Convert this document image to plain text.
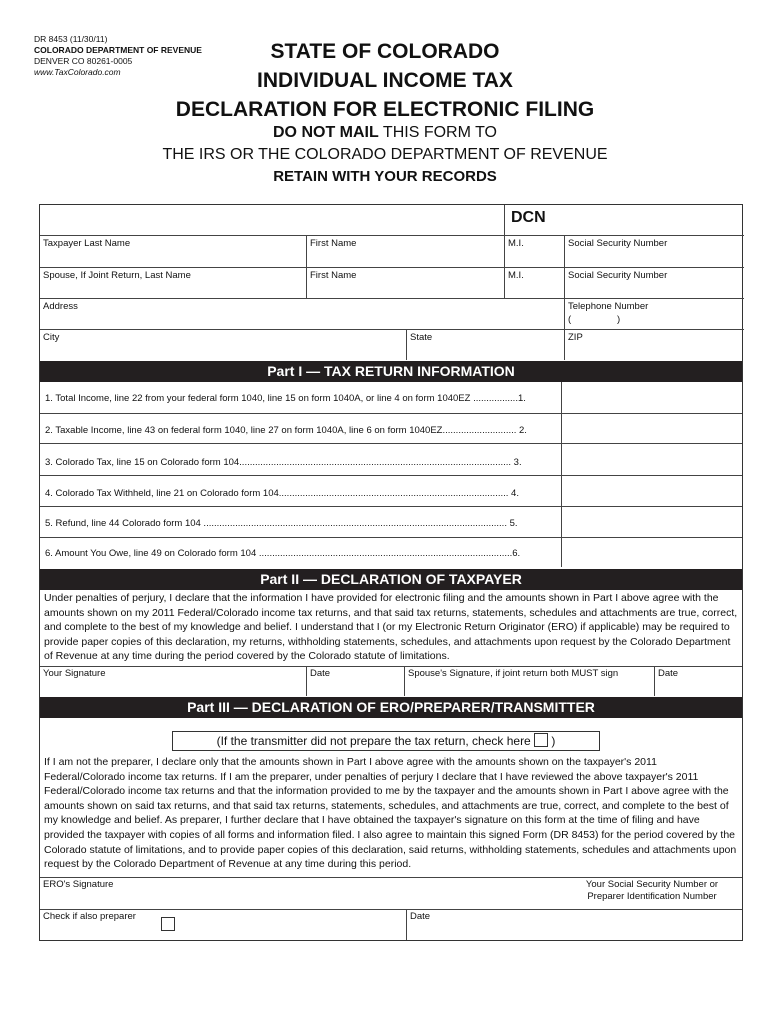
DR 8453 (11/30/11)
COLORADO DEPARTMENT OF REVENUE
DENVER CO 80261-0005
www.TaxColorado.com
STATE OF COLORADO
INDIVIDUAL INCOME TAX
DECLARATION FOR ELECTRONIC FILING
DO NOT MAIL THIS FORM TO
THE IRS OR THE COLORADO DEPARTMENT OF REVENUE
RETAIN WITH YOUR RECORDS
DCN
Taxpayer Last Name	First Name	M.I.	Social Security Number
Spouse, If Joint Return, Last Name	First Name	M.I.	Social Security Number
Address	Telephone Number
(	)
City	State	ZIP
Part I — TAX RETURN INFORMATION
1. Total Income, line 22 from your federal form 1040, line 15 on form 1040A, or line 4 on form 1040EZ .................1.
2. Taxable Income, line 43 on federal form 1040, line 27 on form 1040A, line 6 on form 1040EZ............................ 2.
3. Colorado Tax, line 15 on Colorado form 104....................................................................................................... 3.
4. Colorado Tax Withheld, line 21 on Colorado form 104....................................................................................... 4.
5. Refund, line 44 Colorado form 104 ................................................................................................................... 5.
6. Amount You Owe, line 49 on Colorado form 104 ................................................................................................6.
Part II — DECLARATION OF TAXPAYER
Under penalties of perjury, I declare that the information I have provided for electronic filing and the amounts shown in Part I above agree with the amounts shown on my 2011 Federal/Colorado income tax returns, and that said tax returns, statements, schedules and attachments are true, correct, and complete to the best of my knowledge and belief. I understand that I (or my Electronic Return Originator (ERO) if applicable) may be required to provide paper copies of this declaration, my returns, withholding statements, schedules, and attachments upon request by the Colorado Department of Revenue at any time during the period covered by the Colorado statute of limitations.
Your Signature	Date	Spouse's Signature, if joint return both MUST sign	Date
Part III — DECLARATION OF ERO/PREPARER/TRANSMITTER
(If the transmitter did not prepare the tax return, check here )
If I am not the preparer, I declare only that the amounts shown in Part I above agree with the amounts shown on the taxpayer's 2011 Federal/Colorado income tax returns. If I am the preparer, under penalties of perjury I declare that I have reviewed the above taxpayer's 2011 Federal/Colorado income tax returns and that the information provided to me by the taxpayer and the amounts shown in Part I above agree with the amounts shown on said tax returns, and that said tax returns, statements, schedules, and attachments are true, correct, and complete to the best of my knowledge and belief. As preparer, I further declare that I have obtained the taxpayer's signature on this form at the time of filing and have provided the taxpayer with copies of all forms and information filed. I also agree to maintain this signed Form (DR 8453) for the period covered by the Colorado statute of limitations, and to provide paper copies of this declaration, said returns, withholding statements, schedules and attachments upon request by the Colorado Department of Revenue at any time during this period.
ERO's Signature	Your Social Security Number or Preparer Identification Number
Check if also preparer	Date
